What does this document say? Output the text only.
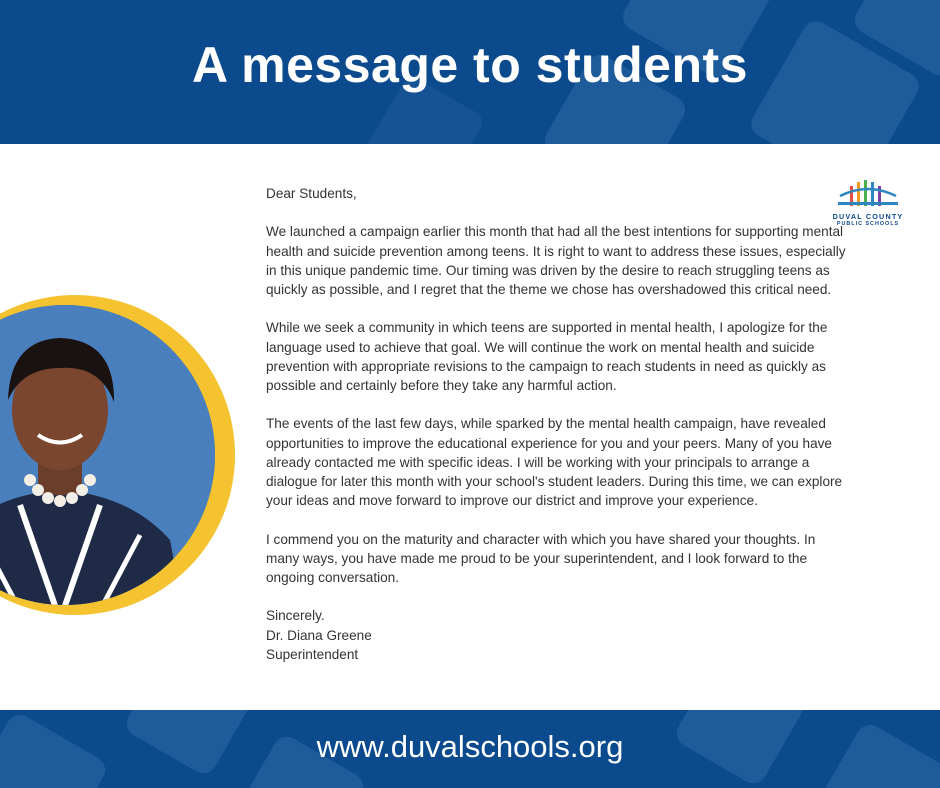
A message to students
DUVAL COUNTY
PUBLIC SCHOOLS

Dear Students,

We launched a campaign earlier this month that had all the best intentions for supporting mental health and suicide prevention among teens. It is right to want to address these issues, especially in this unique pandemic time. Our timing was driven by the desire to reach struggling teens as quickly as possible, and I regret that the theme we chose has overshadowed this critical need.

While we seek a community in which teens are supported in mental health, I apologize for the language used to achieve that goal. We will continue the work on mental health and suicide prevention with appropriate revisions to the campaign to reach students in need as quickly as possible and certainly before they take any harmful action.

The events of the last few days, while sparked by the mental health campaign, have revealed opportunities to improve the educational experience for you and your peers. Many of you have already contacted me with specific ideas. I will be working with your principals to arrange a dialogue for later this month with your school's student leaders. During this time, we can explore your ideas and move forward to improve our district and improve your experience.

I commend you on the maturity and character with which you have shared your thoughts. In many ways, you have made me proud to be your superintendent, and I look forward to the ongoing conversation.

Sincerely.

Dr. Diana Greene

Superintendent

www.duvalschools.org
